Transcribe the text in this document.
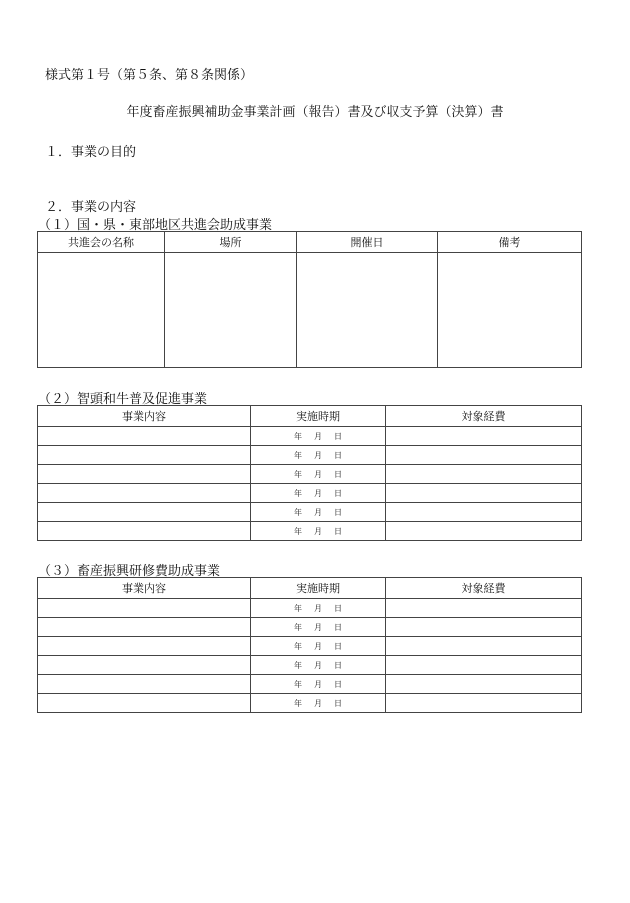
様式第１号（第５条、第８条関係）
年度畜産振興補助金事業計画（報告）書及び収支予算（決算）書
１．事業の目的
２．事業の内容
（１）国・県・東部地区共進会助成事業
共進会の名称	場所	開催日	備考

（２）智頭和牛普及促進事業
事業内容	実施時期	対象経費
	年 月 日	
	年 月 日	
	年 月 日	
	年 月 日	
	年 月 日	
	年 月 日	
（３）畜産振興研修費助成事業
事業内容	実施時期	対象経費
	年 月 日	
	年 月 日	
	年 月 日	
	年 月 日	
	年 月 日	
	年 月 日	
